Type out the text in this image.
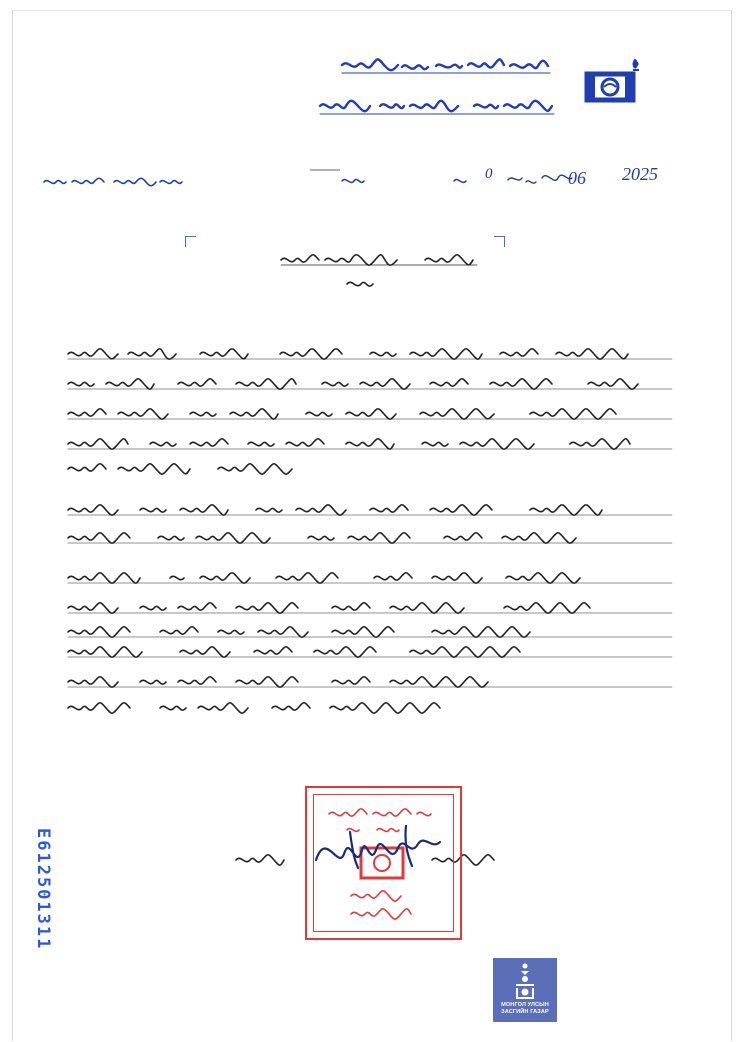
0	06 2025
E612501311
МОНГОЛ УЛСЫН ЗАСГИЙН ГАЗАР
